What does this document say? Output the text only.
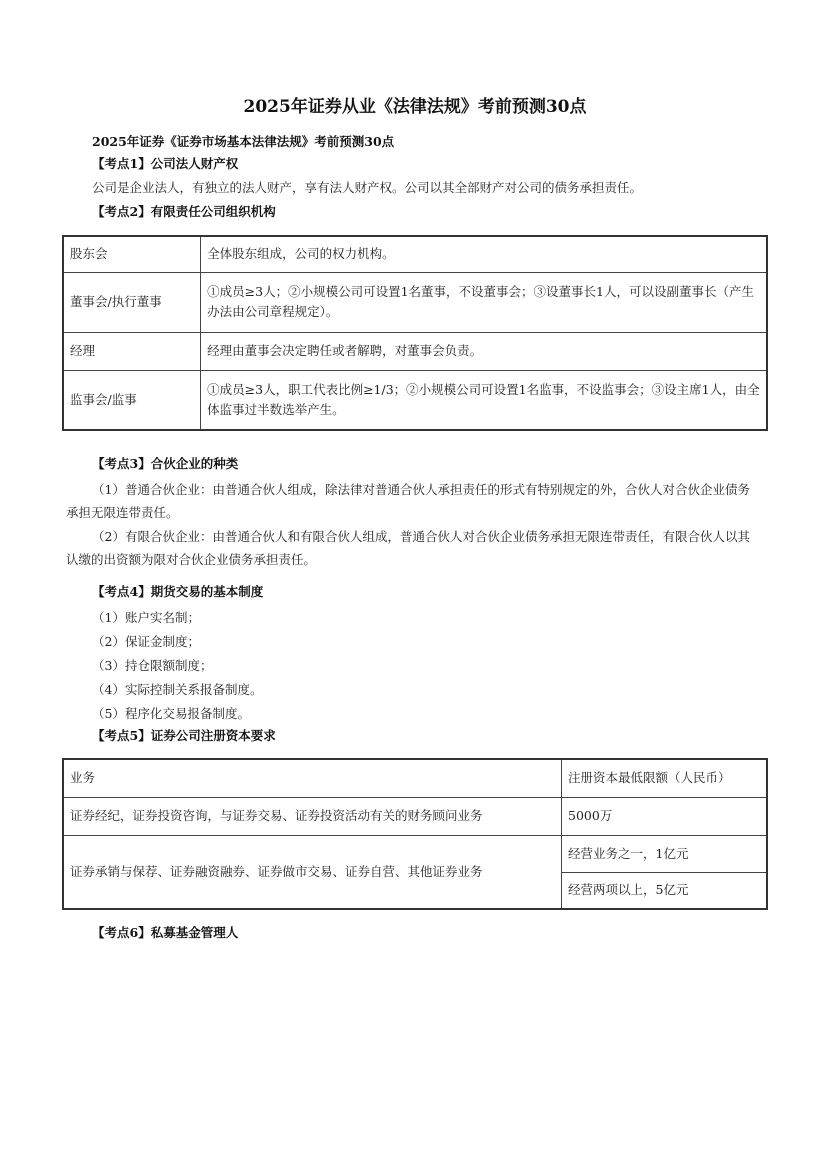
2025年证券从业《法律法规》考前预测30点
2025年证券《证券市场基本法律法规》考前预测30点
【考点1】公司法人财产权
公司是企业法人，有独立的法人财产，享有法人财产权。公司以其全部财产对公司的债务承担责任。
【考点2】有限责任公司组织机构
股东会	全体股东组成，公司的权力机构。
董事会/执行董事	①成员≥3人；②小规模公司可设置1名董事，不设董事会；③设董事长1人，可以设副董事长（产生办法由公司章程规定）。
经理	经理由董事会决定聘任或者解聘，对董事会负责。
监事会/监事	①成员≥3人，职工代表比例≥1/3；②小规模公司可设置1名监事，不设监事会；③设主席1人，由全体监事过半数选举产生。
【考点3】合伙企业的种类
（1）普通合伙企业：由普通合伙人组成，除法律对普通合伙人承担责任的形式有特别规定的外，合伙人对合伙企业债务承担无限连带责任。
（2）有限合伙企业：由普通合伙人和有限合伙人组成，普通合伙人对合伙企业债务承担无限连带责任，有限合伙人以其认缴的出资额为限对合伙企业债务承担责任。
【考点4】期货交易的基本制度
（1）账户实名制；
（2）保证金制度；
（3）持仓限额制度；
（4）实际控制关系报备制度。
（5）程序化交易报备制度。
【考点5】证券公司注册资本要求
业务	注册资本最低限额（人民币）
证券经纪，证券投资咨询，与证券交易、证券投资活动有关的财务顾问业务	5000万
证券承销与保荐、证券融资融券、证券做市交易、证券自营、其他证券业务	经营业务之一，1亿元
	经营两项以上，5亿元
【考点6】私募基金管理人
